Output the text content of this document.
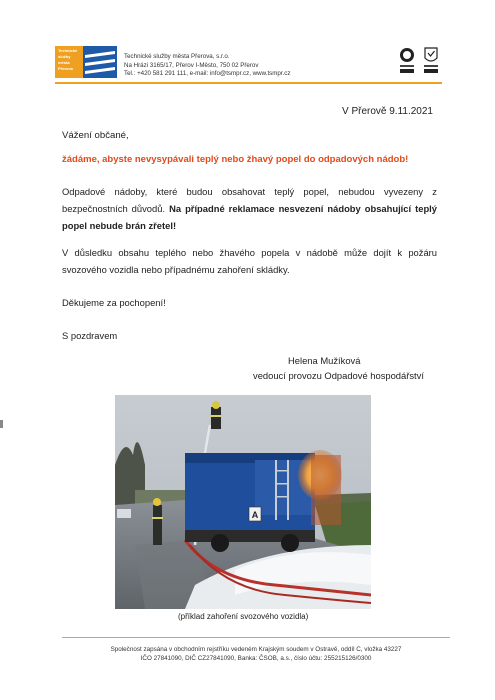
Technické
služby
města
Přerova
Technické služby města Přerova, s.r.o.
Na Hrázi 3165/17, Přerov I-Město, 750 02 Přerov
Tel.: +420 581 291 111, e-mail: info@tsmpr.cz, www.tsmpr.cz
V Přerově 9.11.2021
Vážení občané,
žádáme, abyste nevysypávali teplý nebo žhavý popel do odpadových nádob!
Odpadové nádoby, které budou obsahovat teplý popel, nebudou vyvezeny z bezpečnostních důvodů. Na případné reklamace nesvezení nádoby obsahující teplý popel nebude brán zřetel!
V důsledku obsahu teplého nebo žhavého popela v nádobě může dojít k požáru svozového vozidla nebo případnému zahoření skládky.
Děkujeme za pochopení!
S pozdravem
Helena Mužíková
vedoucí provozu Odpadové hospodářství
A
(příklad zahoření svozového vozidla)
Společnost zapsána v obchodním rejstříku vedeném Krajským soudem v Ostravě, oddíl C, vložka 43227
IČO 27841090, DIČ CZ27841090, Banka: ČSOB, a.s., číslo účtu: 255215126/0300
